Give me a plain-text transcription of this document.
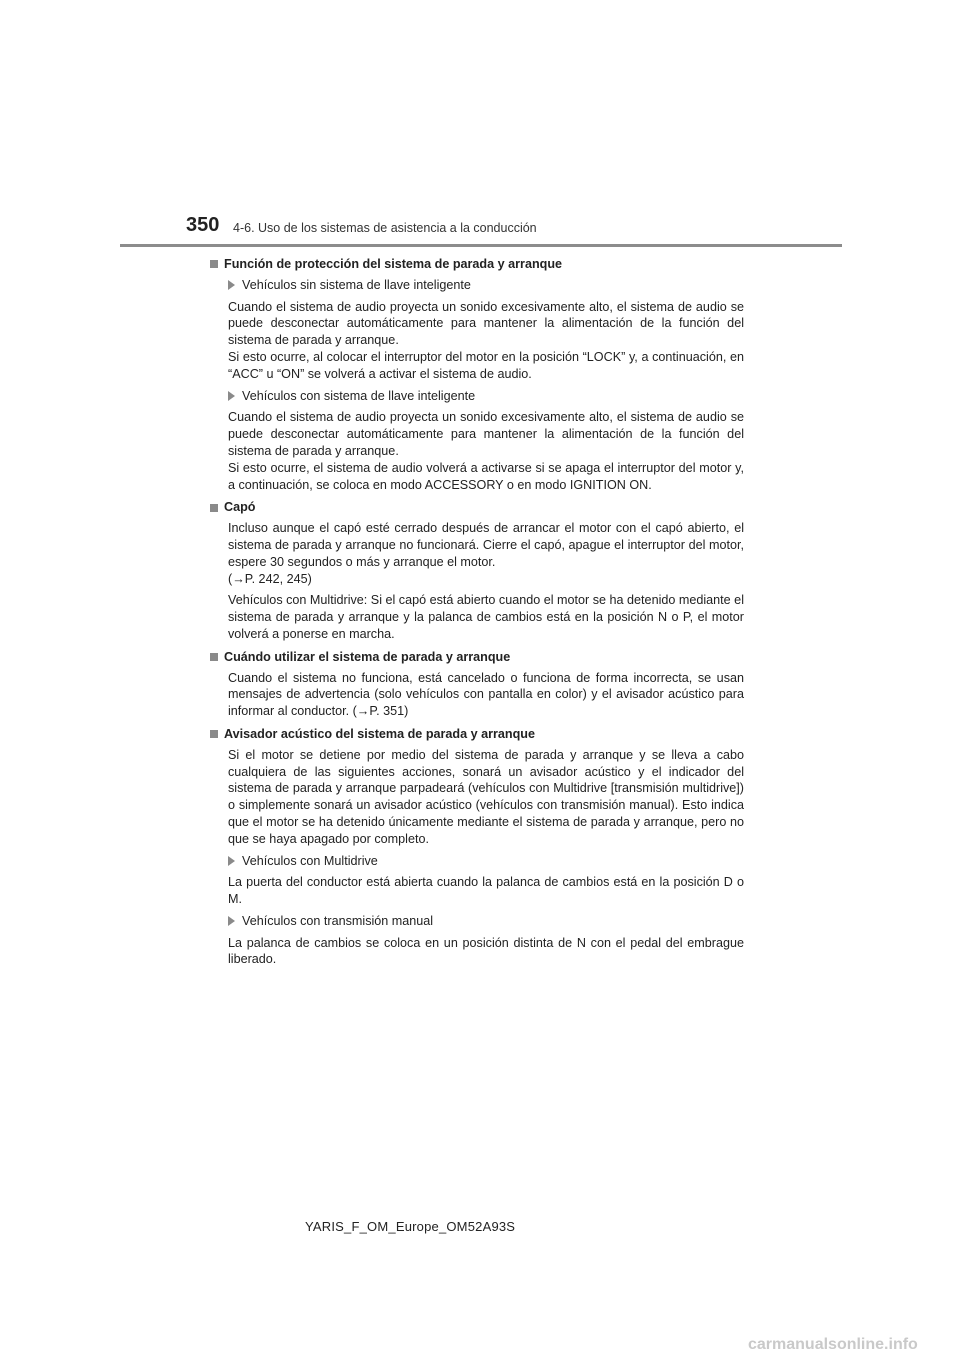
350 4-6. Uso de los sistemas de asistencia a la conducción
Función de protección del sistema de parada y arranque
Vehículos sin sistema de llave inteligente

Cuando el sistema de audio proyecta un sonido excesivamente alto, el sistema de audio se puede desconectar automáticamente para mantener la alimentación de la función del sistema de parada y arranque.

Si esto ocurre, al colocar el interruptor del motor en la posición “LOCK” y, a continuación, en “ACC” u “ON” se volverá a activar el sistema de audio.

Vehículos con sistema de llave inteligente

Cuando el sistema de audio proyecta un sonido excesivamente alto, el sistema de audio se puede desconectar automáticamente para mantener la alimentación de la función del sistema de parada y arranque.

Si esto ocurre, el sistema de audio volverá a activarse si se apaga el interruptor del motor y, a continuación, se coloca en modo ACCESSORY o en modo IGNITION ON.

Capó

Incluso aunque el capó esté cerrado después de arrancar el motor con el capó abierto, el sistema de parada y arranque no funcionará. Cierre el capó, apague el interruptor del motor, espere 30 segundos o más y arranque el motor.

(→P. 242, 245)

Vehículos con Multidrive: Si el capó está abierto cuando el motor se ha detenido mediante el sistema de parada y arranque y la palanca de cambios está en la posición N o P, el motor volverá a ponerse en marcha.

Cuándo utilizar el sistema de parada y arranque

Cuando el sistema no funciona, está cancelado o funciona de forma incorrecta, se usan mensajes de advertencia (solo vehículos con pantalla en color) y el avisador acústico para informar al conductor. (→P. 351)

Avisador acústico del sistema de parada y arranque

Si el motor se detiene por medio del sistema de parada y arranque y se lleva a cabo cualquiera de las siguientes acciones, sonará un avisador acústico y el indicador del sistema de parada y arranque parpadeará (vehículos con Multidrive [transmisión multidrive]) o simplemente sonará un avisador acústico (vehículos con transmisión manual). Esto indica que el motor se ha detenido únicamente mediante el sistema de parada y arranque, pero no que se haya apagado por completo.

Vehículos con Multidrive

La puerta del conductor está abierta cuando la palanca de cambios está en la posición D o M.

Vehículos con transmisión manual

La palanca de cambios se coloca en un posición distinta de N con el pedal del embrague liberado.

YARIS_F_OM_Europe_OM52A93S
carmanualsonline.info
